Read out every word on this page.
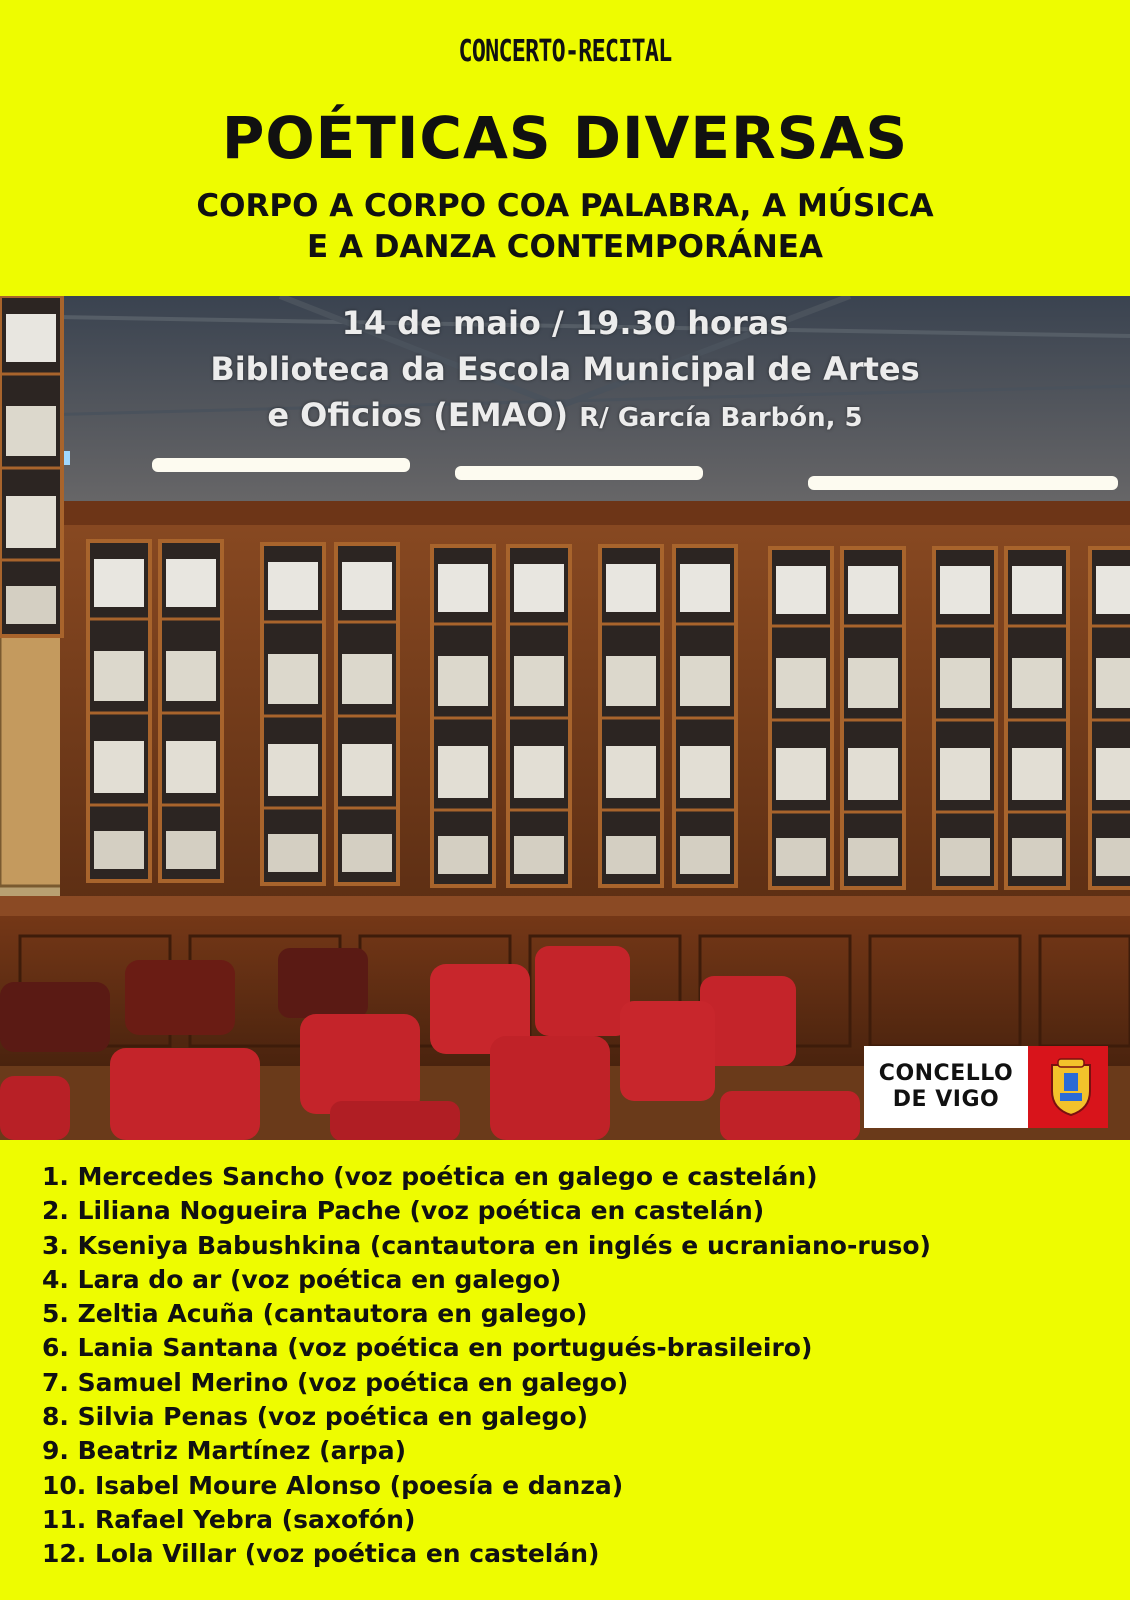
CONCERTO-RECITAL
POÉTICAS DIVERSAS
CORPO A CORPO COA PALABRA, A MÚSICA
E A DANZA CONTEMPORÁNEA
14 de maio / 19.30 horas
Biblioteca da Escola Municipal de Artes
e Oficios (EMAO) R/ García Barbón, 5
CONCELLO
DE VIGO
1. Mercedes Sancho (voz poética en galego e castelán)
2. Liliana Nogueira Pache (voz poética en castelán)
3. Kseniya Babushkina (cantautora en inglés e ucraniano-ruso)
4. Lara do ar (voz poética en galego)
5. Zeltia Acuña (cantautora en galego)
6. Lania Santana (voz poética en portugués-brasileiro)
7. Samuel Merino (voz poética en galego)
8. Silvia Penas (voz poética en galego)
9. Beatriz Martínez (arpa)
10. Isabel Moure Alonso (poesía e danza)
11. Rafael Yebra (saxofón)
12. Lola Villar (voz poética en castelán)
